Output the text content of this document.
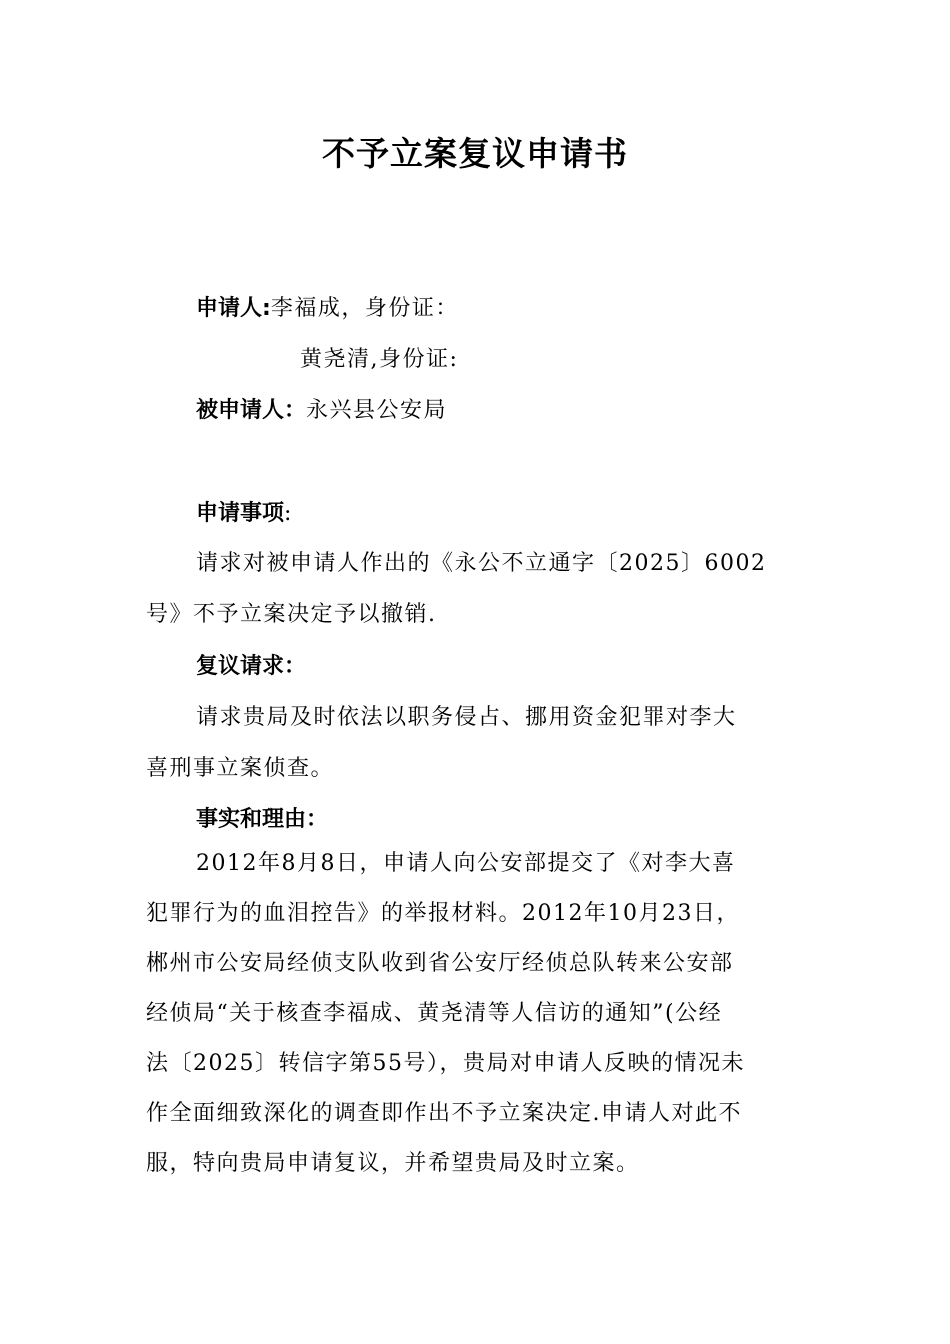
不予立案复议申请书
申请人:李福成，身份证：
黄尧清,身份证:
被申请人：永兴县公安局
申请事项:
请求对被申请人作出的《永公不立通字〔2025〕6002
号》不予立案决定予以撤销.
复议请求：
请求贵局及时依法以职务侵占、挪用资金犯罪对李大
喜刑事立案侦查。
事实和理由：
2012年8月8日，申请人向公安部提交了《对李大喜
犯罪行为的血泪控告》的举报材料。2012年10月23日，
郴州市公安局经侦支队收到省公安厅经侦总队转来公安部
经侦局“关于核查李福成、黄尧清等人信访的通知”(公经
法〔2025〕转信字第55号），贵局对申请人反映的情况未
作全面细致深化的调查即作出不予立案决定.申请人对此不
服，特向贵局申请复议，并希望贵局及时立案。
